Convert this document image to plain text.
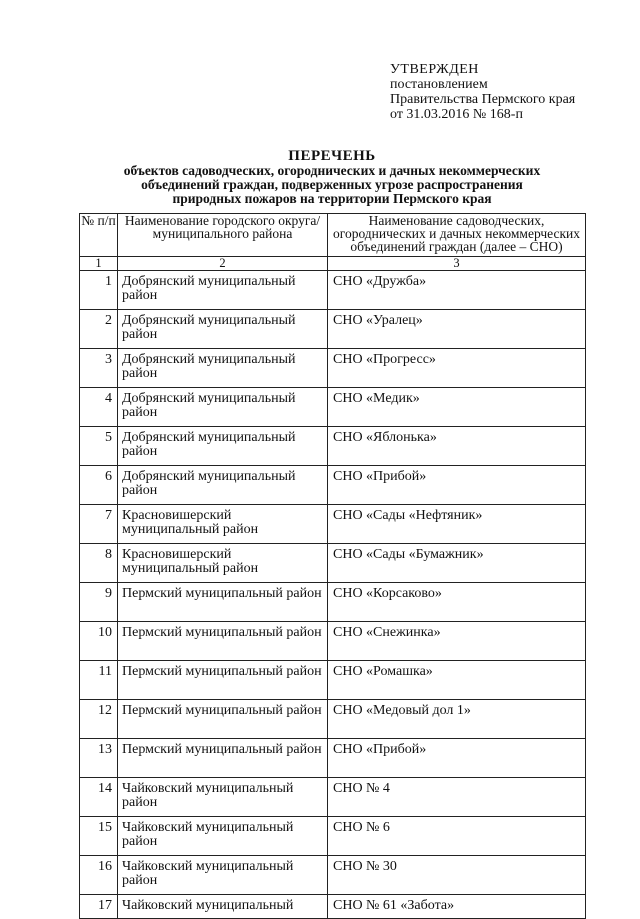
УТВЕРЖДЕН
постановлением
Правительства Пермского края
от 31.03.2016 № 168-п
ПЕРЕЧЕНЬ
объектов садоводческих, огороднических и дачных некоммерческих
объединений граждан, подверженных угрозе распространения
природных пожаров на территории Пермского края
№ п/п	Наименование городского округа/муниципального района	Наименование садоводческих, огороднических и дачных некоммерческих объединений граждан (далее – СНО)
1	2	3
1	Добрянский муниципальный район	СНО «Дружба»
2	Добрянский муниципальный район	СНО «Уралец»
3	Добрянский муниципальный район	СНО «Прогресс»
4	Добрянский муниципальный район	СНО «Медик»
5	Добрянский муниципальный район	СНО «Яблонька»
6	Добрянский муниципальный район	СНО «Прибой»
7	Красновишерский муниципальный район	СНО «Сады «Нефтяник»
8	Красновишерский муниципальный район	СНО «Сады «Бумажник»
9	Пермский муниципальный район	СНО «Корсаково»
10	Пермский муниципальный район	СНО «Снежинка»
11	Пермский муниципальный район	СНО «Ромашка»
12	Пермский муниципальный район	СНО «Медовый дол 1»
13	Пермский муниципальный район	СНО «Прибой»
14	Чайковский муниципальный район	СНО № 4
15	Чайковский муниципальный район	СНО № 6
16	Чайковский муниципальный район	СНО № 30
17	Чайковский муниципальный	СНО № 61 «Забота»
